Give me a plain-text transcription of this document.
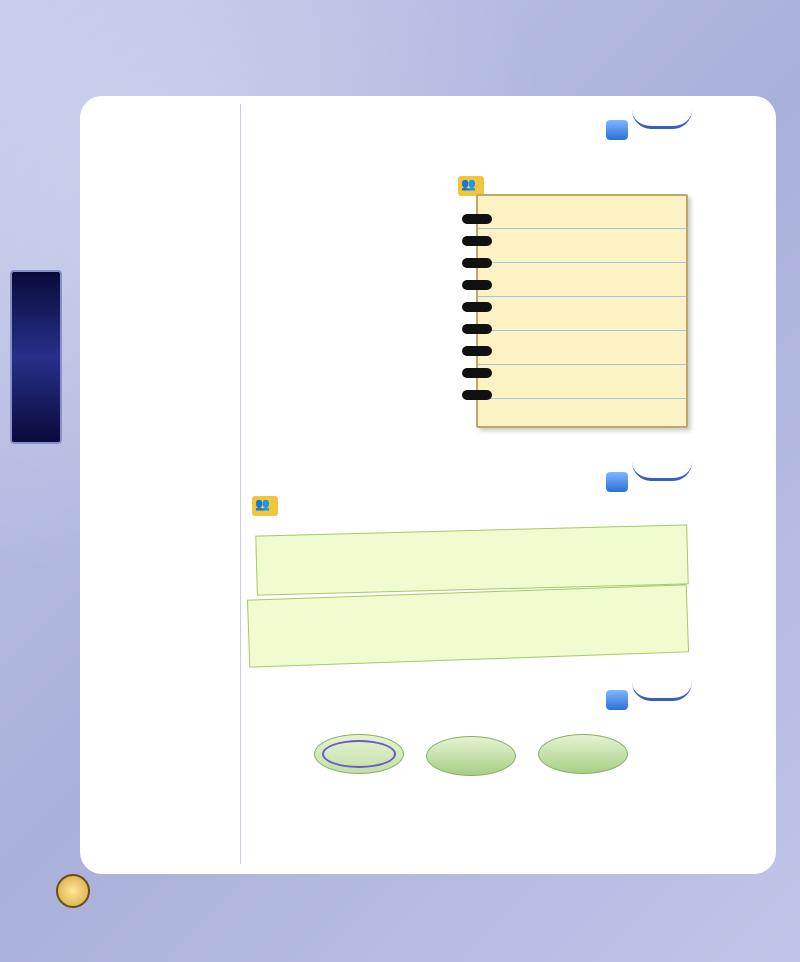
👥
👥
